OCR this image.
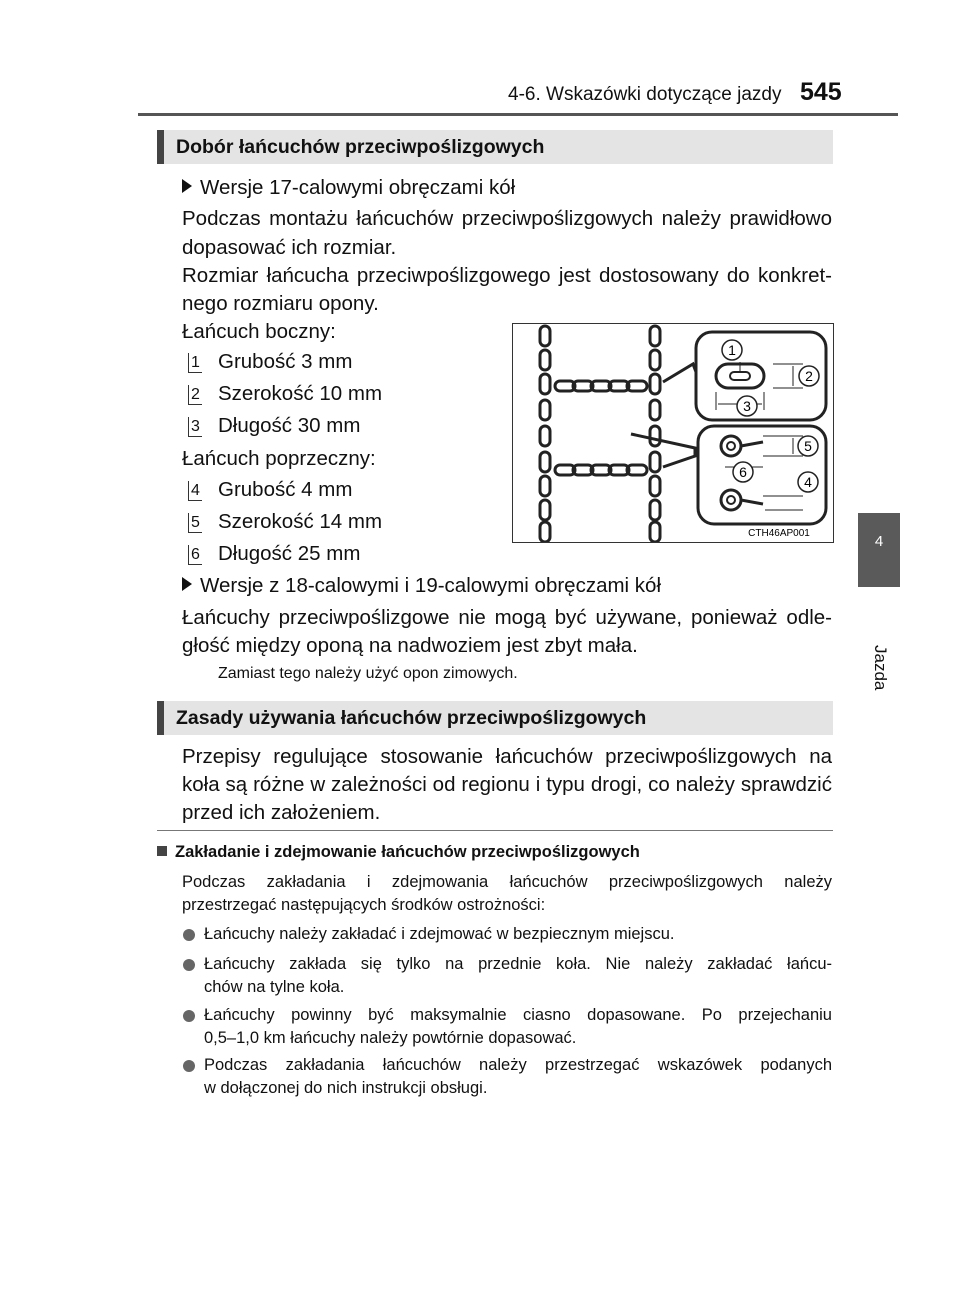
4-6. Wskazówki dotyczące jazdy 545
4
Jazda
Dobór łańcuchów przeciwpoślizgowych
Wersje 17-calowymi obręczami kół
Podczas montażu łańcuchów przeciwpoślizgowych należy prawidłowo
dopasować ich rozmiar.
Rozmiar łańcucha przeciwpoślizgowego jest dostosowany do konkret-
nego rozmiaru opony.
Łańcuch boczny:
1 Grubość 3 mm
2 Szerokość 10 mm
3 Długość 30 mm
Łańcuch poprzeczny:
4 Grubość 4 mm
5 Szerokość 14 mm
6 Długość 25 mm
Wersje z 18-calowymi i 19-calowymi obręczami kół
Łańcuchy przeciwpoślizgowe nie mogą być używane, ponieważ odle-
głość między oponą na nadwoziem jest zbyt mała.
Zamiast tego należy użyć opon zimowych.
1
2
3
4
5
6
CTH46AP001
Zasady używania łańcuchów przeciwpoślizgowych
Przepisy regulujące stosowanie łańcuchów przeciwpoślizgowych na
koła są różne w zależności od regionu i typu drogi, co należy sprawdzić
przed ich założeniem.
Zakładanie i zdejmowanie łańcuchów przeciwpoślizgowych
Podczas zakładania i zdejmowania łańcuchów przeciwpoślizgowych należy
przestrzegać następujących środków ostrożności:
Łańcuchy należy zakładać i zdejmować w bezpiecznym miejscu.
Łańcuchy zakłada się tylko na przednie koła. Nie należy zakładać łańcu-
chów na tylne koła.
Łańcuchy powinny być maksymalnie ciasno dopasowane. Po przejechaniu
0,5–1,0 km łańcuchy należy powtórnie dopasować.
Podczas zakładania łańcuchów należy przestrzegać wskazówek podanych
w dołączonej do nich instrukcji obsługi.
